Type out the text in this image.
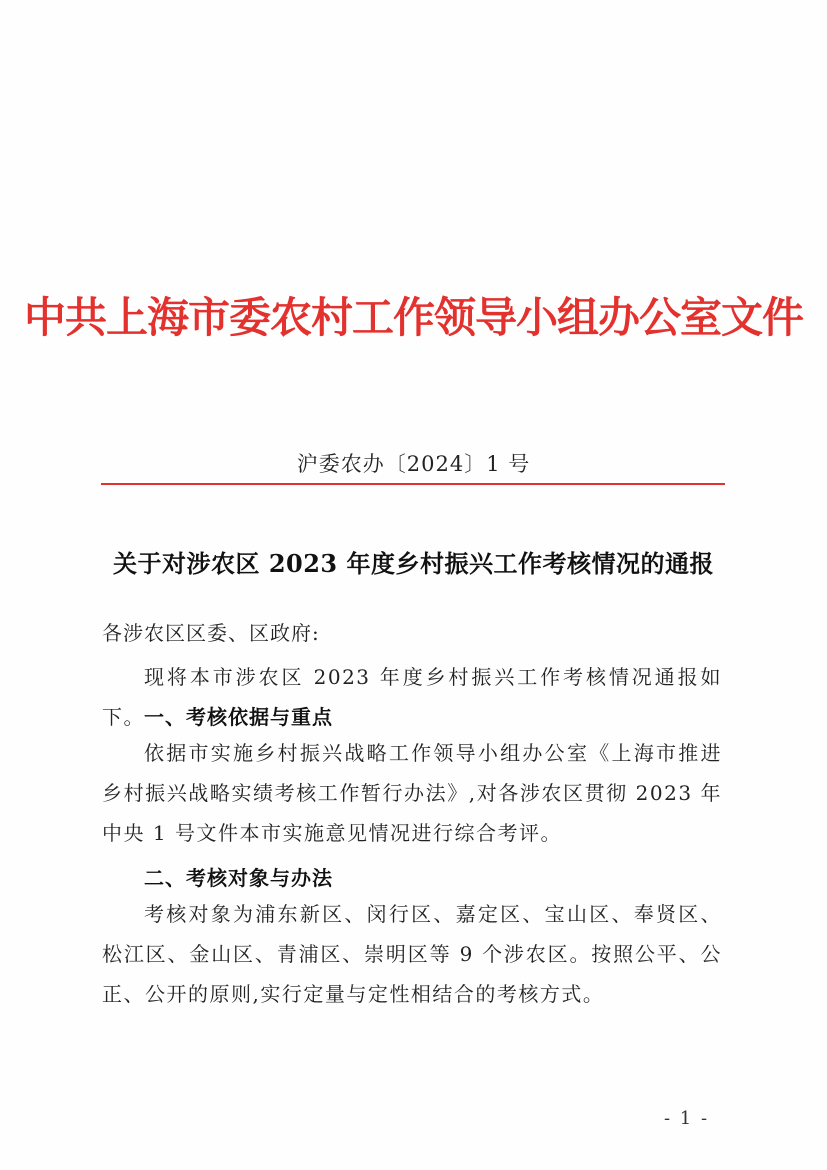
中共上海市委农村工作领导小组办公室文件
沪委农办〔2024〕1 号
关于对涉农区 2023 年度乡村振兴工作考核情况的通报
各涉农区区委、区政府:
现将本市涉农区 2023 年度乡村振兴工作考核情况通报如下。 一、考核依据与重点
依据市实施乡村振兴战略工作领导小组办公室《上海市推进乡村振兴战略实绩考核工作暂行办法》,对各涉农区贯彻 2023 年中央 1 号文件本市实施意见情况进行综合考评。
二、考核对象与办法
考核对象为浦东新区、闵行区、嘉定区、宝山区、奉贤区、松江区、金山区、青浦区、崇明区等 9 个涉农区。按照公平、公正、公开的原则,实行定量与定性相结合的考核方式。
- 1 -
